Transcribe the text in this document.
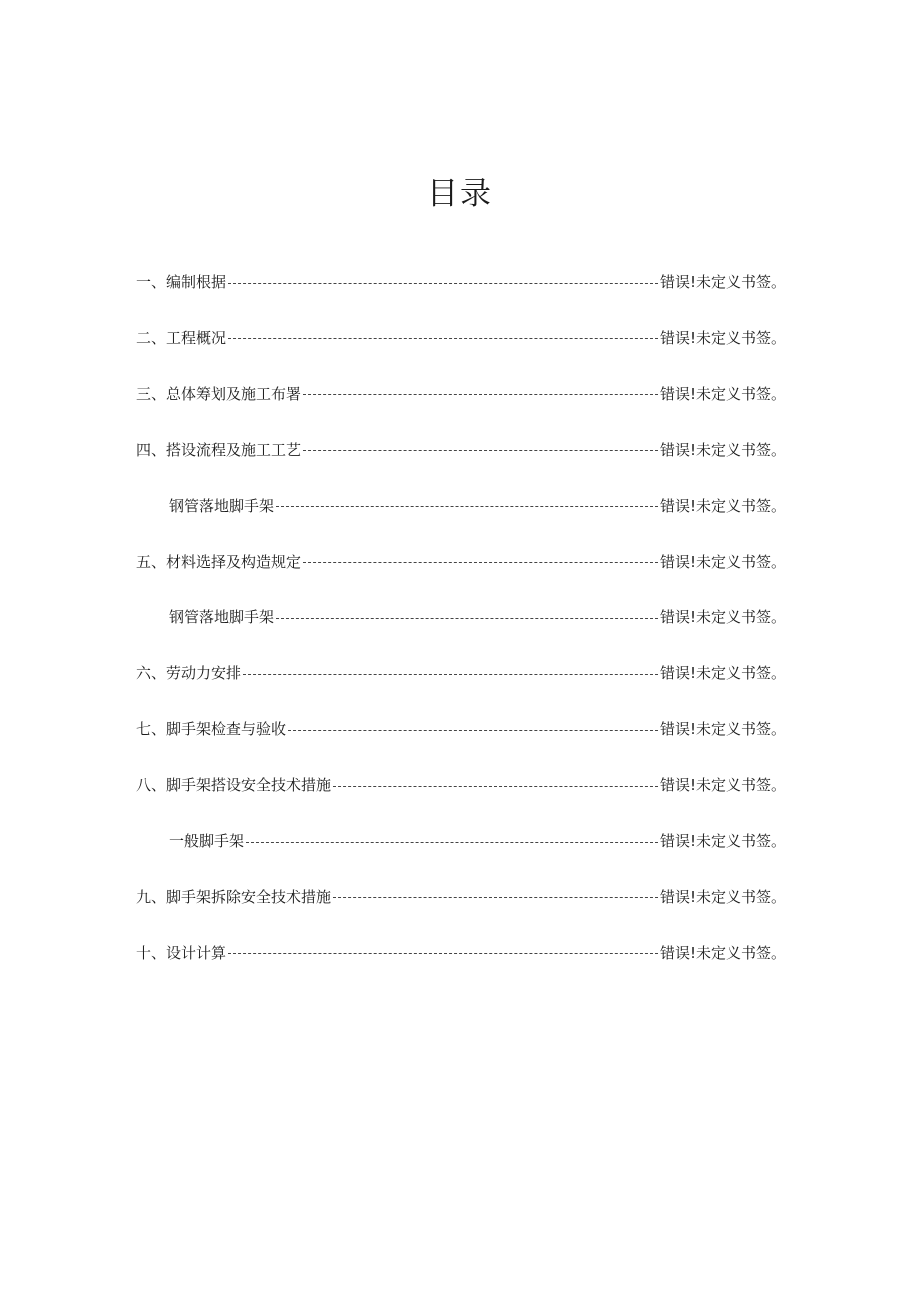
目录
一、编制根据	错误!未定义书签。
二、工程概况	错误!未定义书签。
三、总体筹划及施工布署	错误!未定义书签。
四、搭设流程及施工工艺	错误!未定义书签。
钢管落地脚手架	错误!未定义书签。
五、材料选择及构造规定	错误!未定义书签。
钢管落地脚手架	错误!未定义书签。
六、劳动力安排	错误!未定义书签。
七、脚手架检查与验收	错误!未定义书签。
八、脚手架搭设安全技术措施	错误!未定义书签。
一般脚手架	错误!未定义书签。
九、脚手架拆除安全技术措施	错误!未定义书签。
十、设计计算	错误!未定义书签。
